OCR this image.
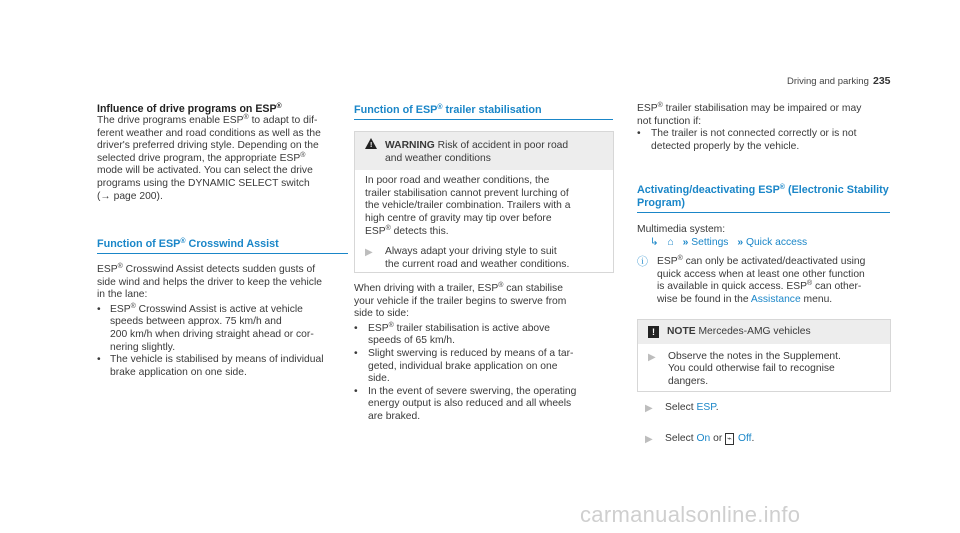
Driving and parking 235
Influence of drive programs on ESP®

The drive programs enable ESP® to adapt to dif-
ferent weather and road conditions as well as the
driver's preferred driving style. Depending on the
selected drive program, the appropriate ESP®
mode will be activated. You can select the drive
programs using the DYNAMIC SELECT switch
(→ page 200).

Function of ESP® Crosswind Assist

ESP® Crosswind Assist detects sudden gusts of
side wind and helps the driver to keep the vehicle
in the lane:

• ESP® Crosswind Assist is active at vehicle
speeds between approx. 75 km/h and
200 km/h when driving straight ahead or cor-
nering slightly.
• The vehicle is stabilised by means of individual
brake application on one side.
Function of ESP® trailer stabilisation
! WARNING Risk of accident in poor road
and weather conditions
In poor road and weather conditions, the
trailer stabilisation cannot prevent lurching of
the vehicle/trailer combination. Trailers with a
high centre of gravity may tip over before
ESP® detects this.
▶ Always adapt your driving style to suit
the current road and weather conditions.

When driving with a trailer, ESP® can stabilise
your vehicle if the trailer begins to swerve from
side to side:

• ESP® trailer stabilisation is active above
speeds of 65 km/h.
• Slight swerving is reduced by means of a tar-
geted, individual brake application on one
side.
• In the event of severe swerving, the operating
energy output is also reduced and all wheels
are braked.

ESP® trailer stabilisation may be impaired or may
not function if:

• The trailer is not connected correctly or is not
detected properly by the vehicle.
Activating/deactivating ESP® (Electronic Stability
Program)
Multimedia system:
↳ ⌂ » Settings » Quick access
ⓘ ESP® can only be activated/deactivated using
quick access when at least one other function
is available in quick access. ESP® can other-
wise be found in the Assistance menu.
! NOTE Mercedes-AMG vehicles
▶ Observe the notes in the Supplement.
You could otherwise fail to recognise
dangers.
▶ Select ESP.
▶ Select On or ⌁ Off.
carmanualsonline.info
